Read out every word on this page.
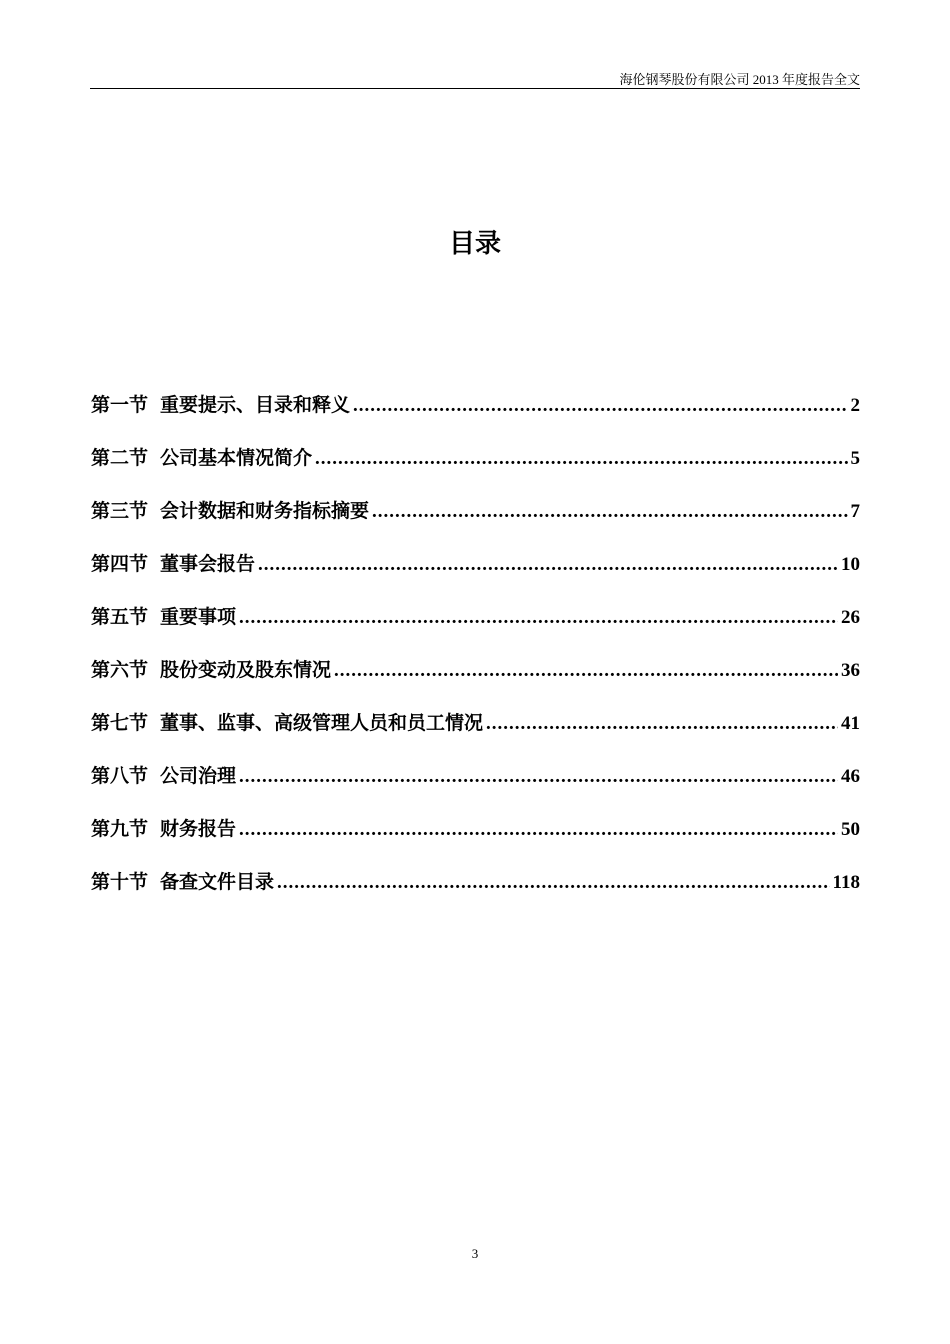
海伦钢琴股份有限公司 2013 年度报告全文
目录
第一节 重要提示、目录和释义 .....	2
第二节 公司基本情况简介 .....	5
第三节 会计数据和财务指标摘要 .....	7
第四节 董事会报告 .....	10
第五节 重要事项 .....	26
第六节 股份变动及股东情况 .....	36
第七节 董事、监事、高级管理人员和员工情况 .....	41
第八节 公司治理 .....	46
第九节 财务报告 .....	50
第十节 备查文件目录 .....	118
3
